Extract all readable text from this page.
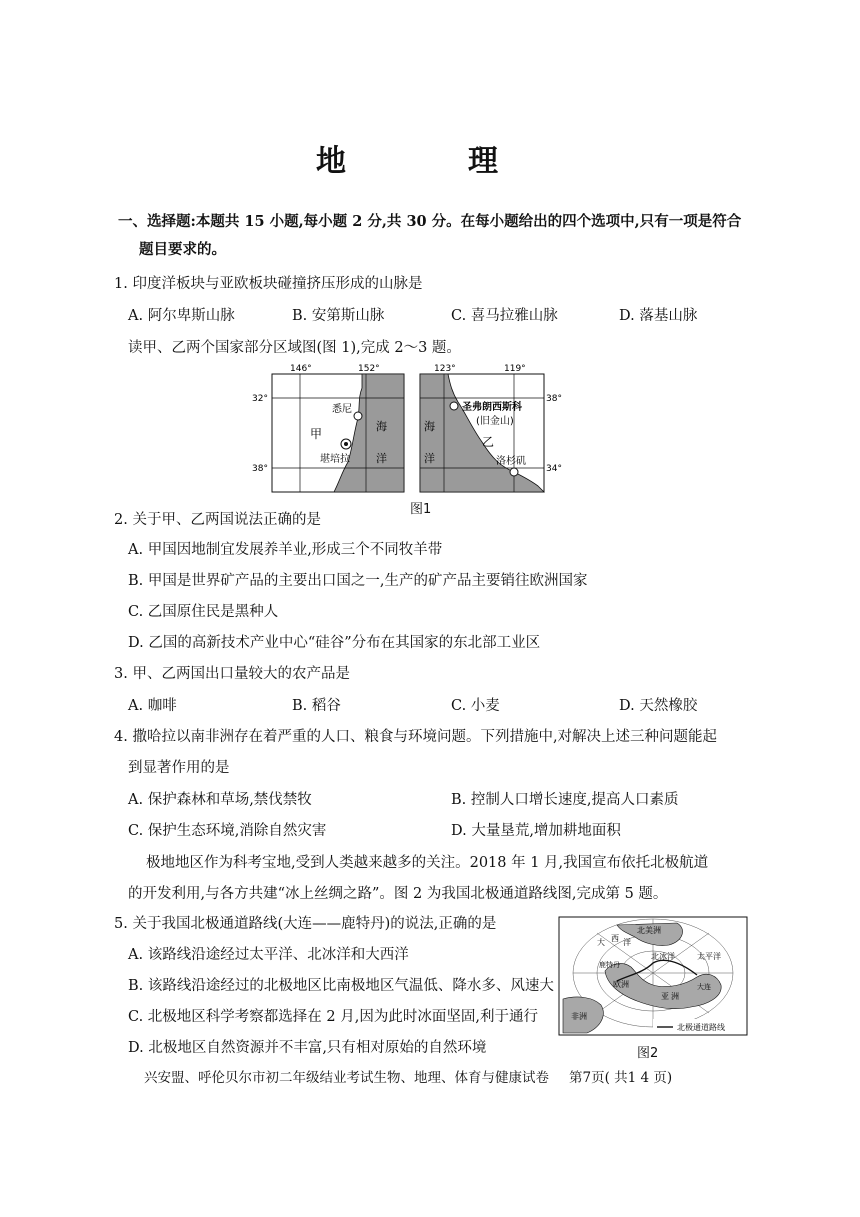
地　理
一、选择题:本题共 15 小题,每小题 2 分,共 30 分。在每小题给出的四个选项中,只有一项是符合
题目要求的。
1. 印度洋板块与亚欧板块碰撞挤压形成的山脉是
A. 阿尔卑斯山脉	B. 安第斯山脉	C. 喜马拉雅山脉	D. 落基山脉
读甲、乙两个国家部分区域图(图 1),完成 2～3 题。
146°	152°
32°
38°
悉尼
堪培拉
甲
海
洋
123°	119°
38°
34°
圣弗朗西斯科
(旧金山)
洛杉矶
乙
海
洋
图1
2. 关于甲、乙两国说法正确的是
A. 甲国因地制宜发展养羊业,形成三个不同牧羊带
B. 甲国是世界矿产品的主要出口国之一,生产的矿产品主要销往欧洲国家
C. 乙国原住民是黑种人
D. 乙国的高新技术产业中心“硅谷”分布在其国家的东北部工业区
3. 甲、乙两国出口量较大的农产品是
A. 咖啡	B. 稻谷	C. 小麦	D. 天然橡胶
4. 撒哈拉以南非洲存在着严重的人口、粮食与环境问题。下列措施中,对解决上述三种问题能起
到显著作用的是
A. 保护森林和草场,禁伐禁牧	B. 控制人口增长速度,提高人口素质
C. 保护生态环境,消除自然灾害	D. 大量垦荒,增加耕地面积
极地地区作为科考宝地,受到人类越来越多的关注。2018 年 1 月,我国宣布依托北极航道
的开发利用,与各方共建“冰上丝绸之路”。图 2 为我国北极通道路线图,完成第 5 题。
5. 关于我国北极通道路线(大连——鹿特丹)的说法,正确的是
A. 该路线沿途经过太平洋、北冰洋和大西洋
B. 该路线沿途经过的北极地区比南极地区气温低、降水多、风速大
C. 北极地区科学考察都选择在 2 月,因为此时冰面坚固,利于通行
D. 北极地区自然资源并不丰富,只有相对原始的自然环境
北美洲
大 西 洋
鹿特丹
北冰洋
欧洲
太平洋
亚 洲
大连
非洲
北极通道路线
图2
兴安盟、呼伦贝尔市初二年级结业考试生物、地理、体育与健康试卷 第7页( 共1 4 页)
